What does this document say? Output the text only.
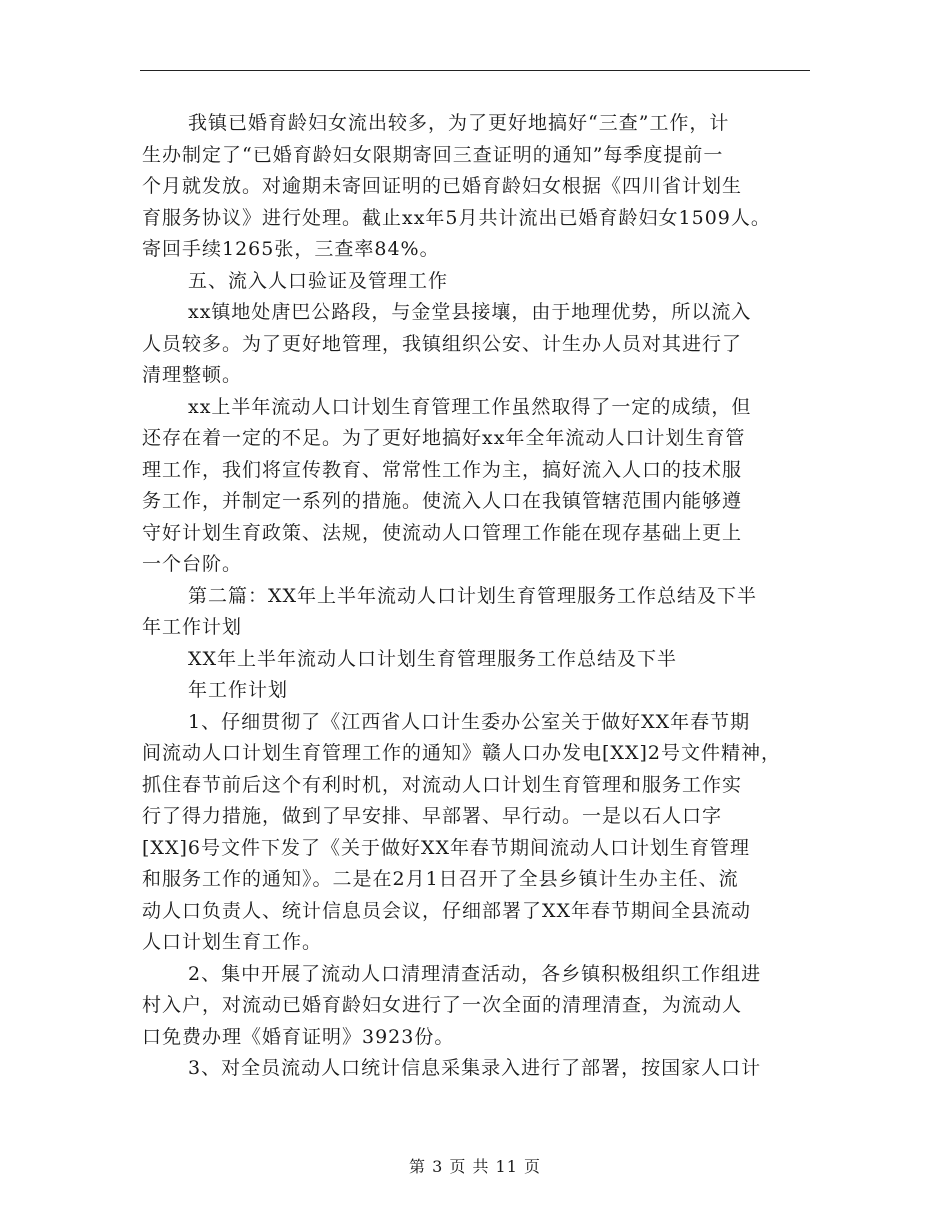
我镇已婚育龄妇女流出较多，为了更好地搞好“三查”工作，计
生办制定了“已婚育龄妇女限期寄回三查证明的通知”每季度提前一
个月就发放。对逾期未寄回证明的已婚育龄妇女根据《四川省计划生
育服务协议》进行处理。截止xx年5月共计流出已婚育龄妇女1509人。
寄回手续1265张，三查率84%。
五、流入人口验证及管理工作
xx镇地处唐巴公路段，与金堂县接壤，由于地理优势，所以流入
人员较多。为了更好地管理，我镇组织公安、计生办人员对其进行了
清理整顿。
xx上半年流动人口计划生育管理工作虽然取得了一定的成绩，但
还存在着一定的不足。为了更好地搞好xx年全年流动人口计划生育管
理工作，我们将宣传教育、常常性工作为主，搞好流入人口的技术服
务工作，并制定一系列的措施。使流入人口在我镇管辖范围内能够遵
守好计划生育政策、法规，使流动人口管理工作能在现存基础上更上
一个台阶。
第二篇：XX年上半年流动人口计划生育管理服务工作总结及下半
年工作计划
XX年上半年流动人口计划生育管理服务工作总结及下半
年工作计划
1、仔细贯彻了《江西省人口计生委办公室关于做好XX年春节期
间流动人口计划生育管理工作的通知》赣人口办发电[XX]2号文件精神，
抓住春节前后这个有利时机，对流动人口计划生育管理和服务工作实
行了得力措施，做到了早安排、早部署、早行动。一是以石人口字
[XX]6号文件下发了《关于做好XX年春节期间流动人口计划生育管理
和服务工作的通知》。二是在2月1日召开了全县乡镇计生办主任、流
动人口负责人、统计信息员会议，仔细部署了XX年春节期间全县流动
人口计划生育工作。
2、集中开展了流动人口清理清查活动，各乡镇积极组织工作组进
村入户，对流动已婚育龄妇女进行了一次全面的清理清查，为流动人
口免费办理《婚育证明》3923份。
3、对全员流动人口统计信息采集录入进行了部署，按国家人口计
第 3 页 共 11 页
